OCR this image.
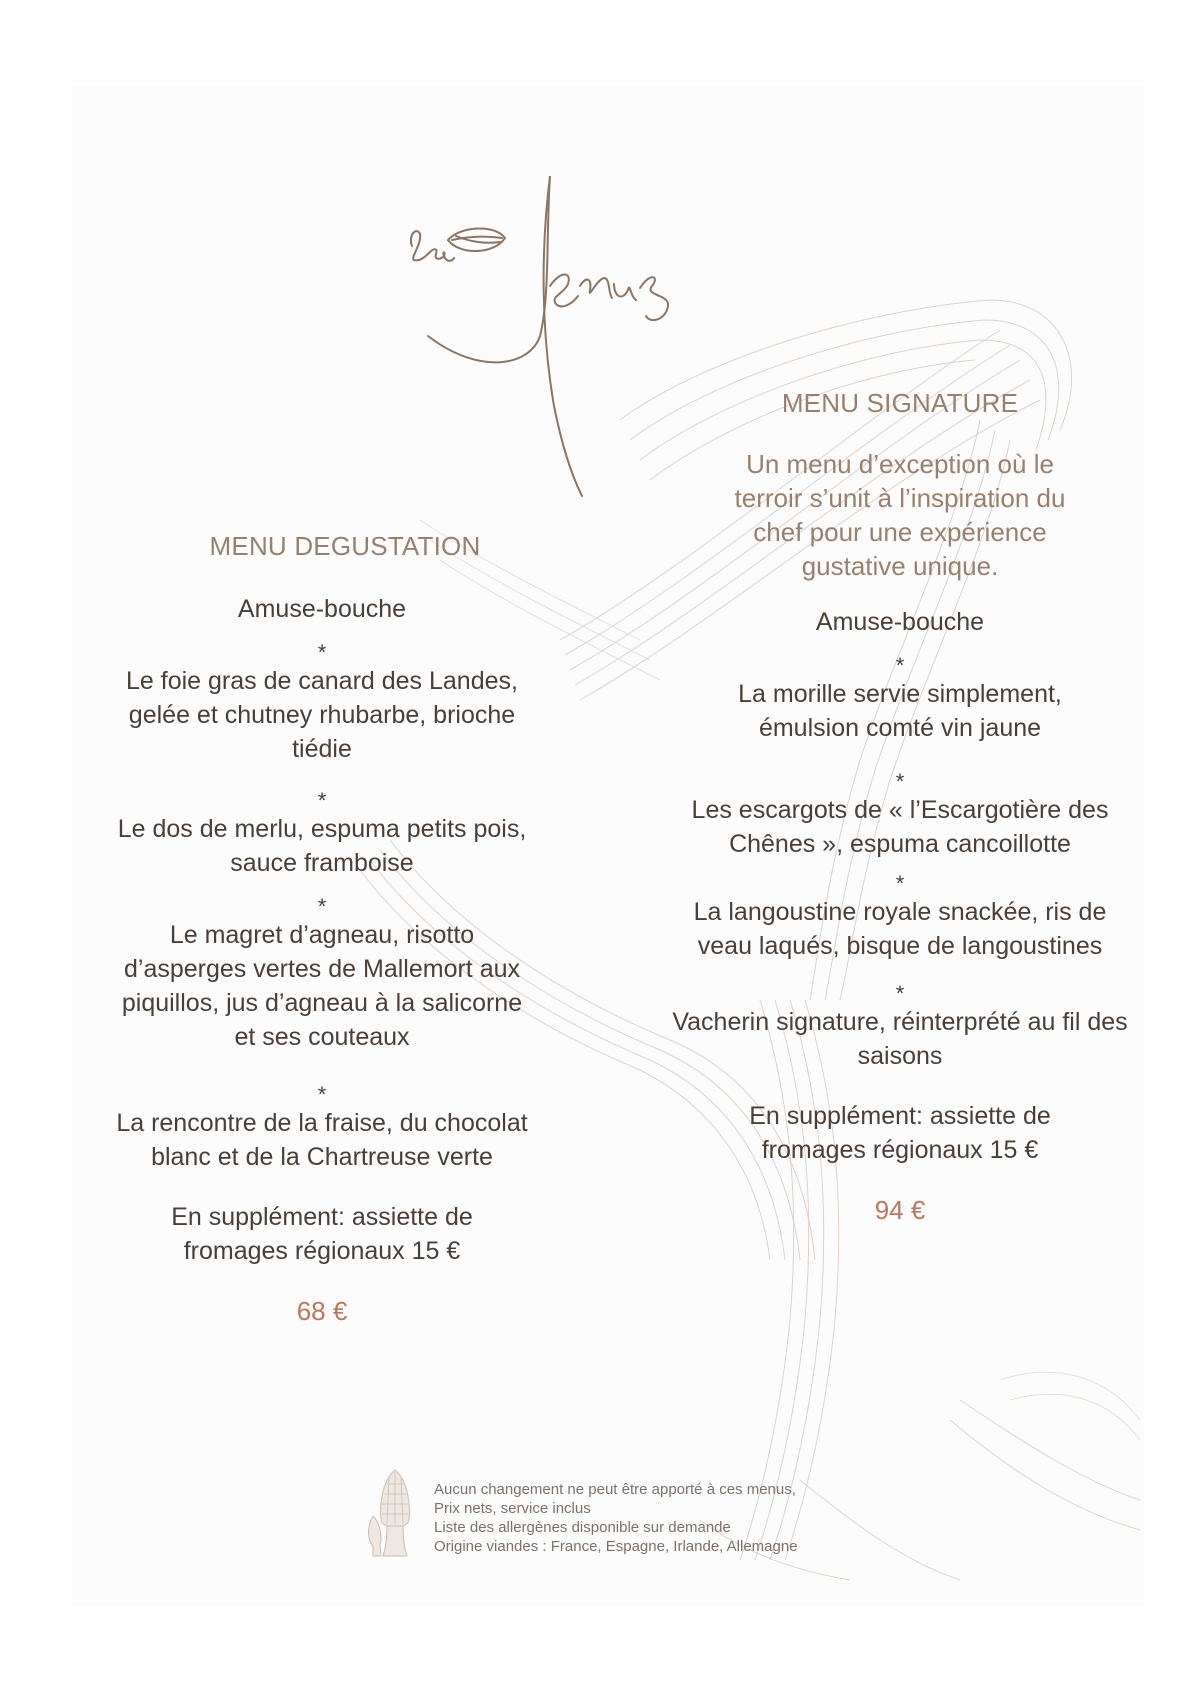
MENU DEGUSTATION

Amuse-bouche

*

Le foie gras de canard des Landes, gelée et chutney rhubarbe, brioche tiédie

*

Le dos de merlu, espuma petits pois, sauce framboise

*

Le magret d’agneau, risotto d’asperges vertes de Mallemort aux piquillos, jus d’agneau à la salicorne et ses couteaux

*

La rencontre de la fraise, du chocolat blanc et de la Chartreuse verte

En supplément: assiette de

fromages régionaux 15 €

68 €

MENU SIGNATURE

Un menu d’exception où le terroir s’unit à l’inspiration du chef pour une expérience gustative unique.

Amuse-bouche

*

La morille servie simplement, émulsion comté vin jaune

*

Les escargots de « l’Escargotière des Chênes », espuma cancoillotte

*

La langoustine royale snackée, ris de veau laqués, bisque de langoustines

*

Vacherin signature, réinterprété au fil des saisons

En supplément: assiette de

fromages régionaux 15 €

94 €

Aucun changement ne peut être apporté à ces menus,
Prix nets, service inclus
Liste des allergènes disponible sur demande
Origine viandes : France, Espagne, Irlande, Allemagne
